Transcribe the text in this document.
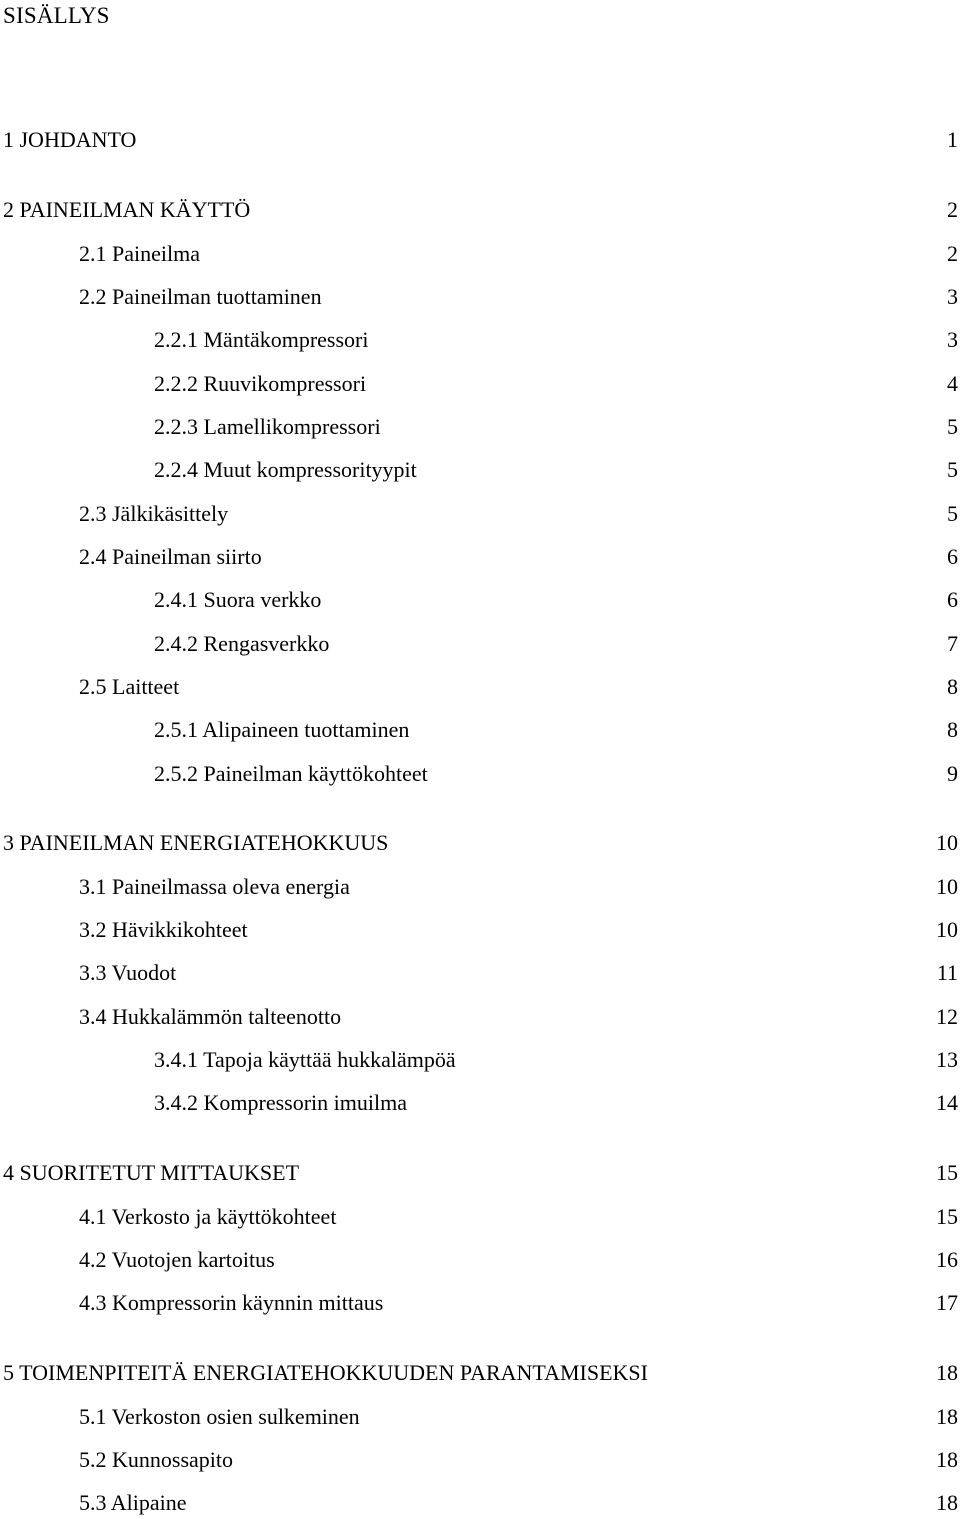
SISÄLLYS
1 JOHDANTO	1
2 PAINEILMAN KÄYTTÖ	2
2.1 Paineilma	2
2.2 Paineilman tuottaminen	3
2.2.1 Mäntäkompressori	3
2.2.2 Ruuvikompressori	4
2.2.3 Lamellikompressori	5
2.2.4 Muut kompressorityypit	5
2.3 Jälkikäsittely	5
2.4 Paineilman siirto	6
2.4.1 Suora verkko	6
2.4.2 Rengasverkko	7
2.5 Laitteet	8
2.5.1 Alipaineen tuottaminen	8
2.5.2 Paineilman käyttökohteet	9
3 PAINEILMAN ENERGIATEHOKKUUS	10
3.1 Paineilmassa oleva energia	10
3.2 Hävikkikohteet	10
3.3 Vuodot	11
3.4 Hukkalämmön talteenotto	12
3.4.1 Tapoja käyttää hukkalämpöä	13
3.4.2 Kompressorin imuilma	14
4 SUORITETUT MITTAUKSET	15
4.1 Verkosto ja käyttökohteet	15
4.2 Vuotojen kartoitus	16
4.3 Kompressorin käynnin mittaus	17
5 TOIMENPITEITÄ ENERGIATEHOKKUUDEN PARANTAMISEKSI	18
5.1 Verkoston osien sulkeminen	18
5.2 Kunnossapito	18
5.3 Alipaine	18
